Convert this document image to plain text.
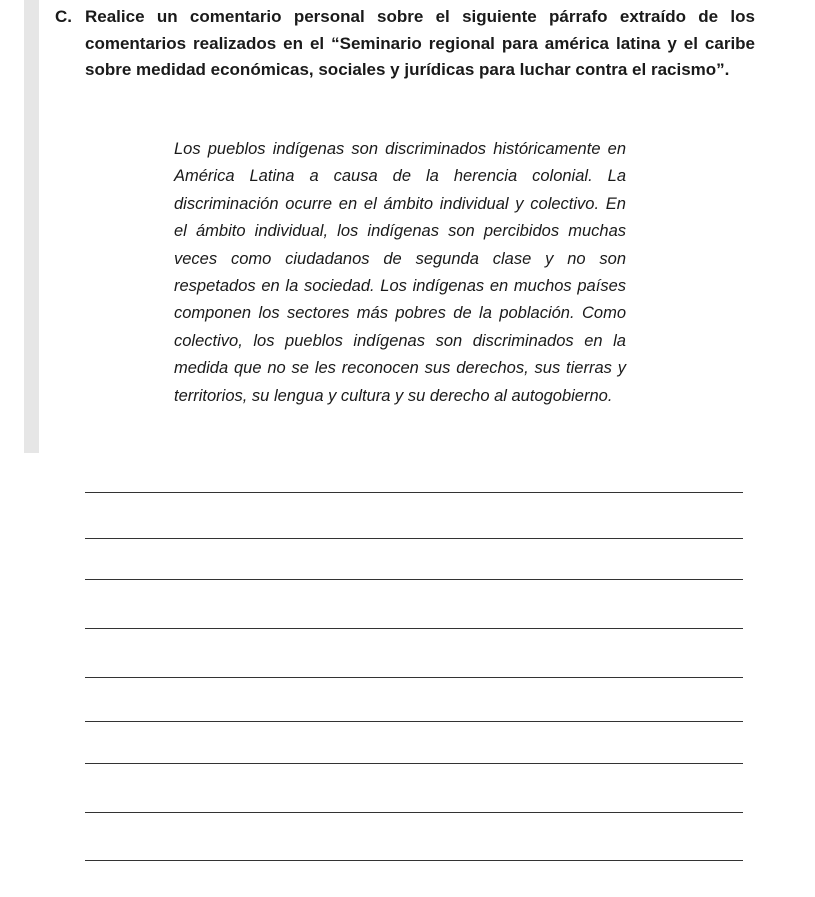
C. Realice un comentario personal sobre el siguiente párrafo extraído de los comentarios realizados en el “Seminario regional para américa latina y el caribe sobre medidad económicas, sociales y jurídicas para luchar contra el racismo”.
Los pueblos indígenas son discriminados históricamente en América Latina a causa de la herencia colonial. La discriminación ocurre en el ámbito individual y colectivo. En el ámbito individual, los indígenas son percibidos muchas veces como ciudadanos de segunda clase y no son respetados en la sociedad. Los indígenas en muchos países componen los sectores más pobres de la población. Como colectivo, los pueblos indígenas son discriminados en la medida que no se les reconocen sus derechos, sus tierras y territorios, su lengua y cultura y su derecho al autogobierno.
